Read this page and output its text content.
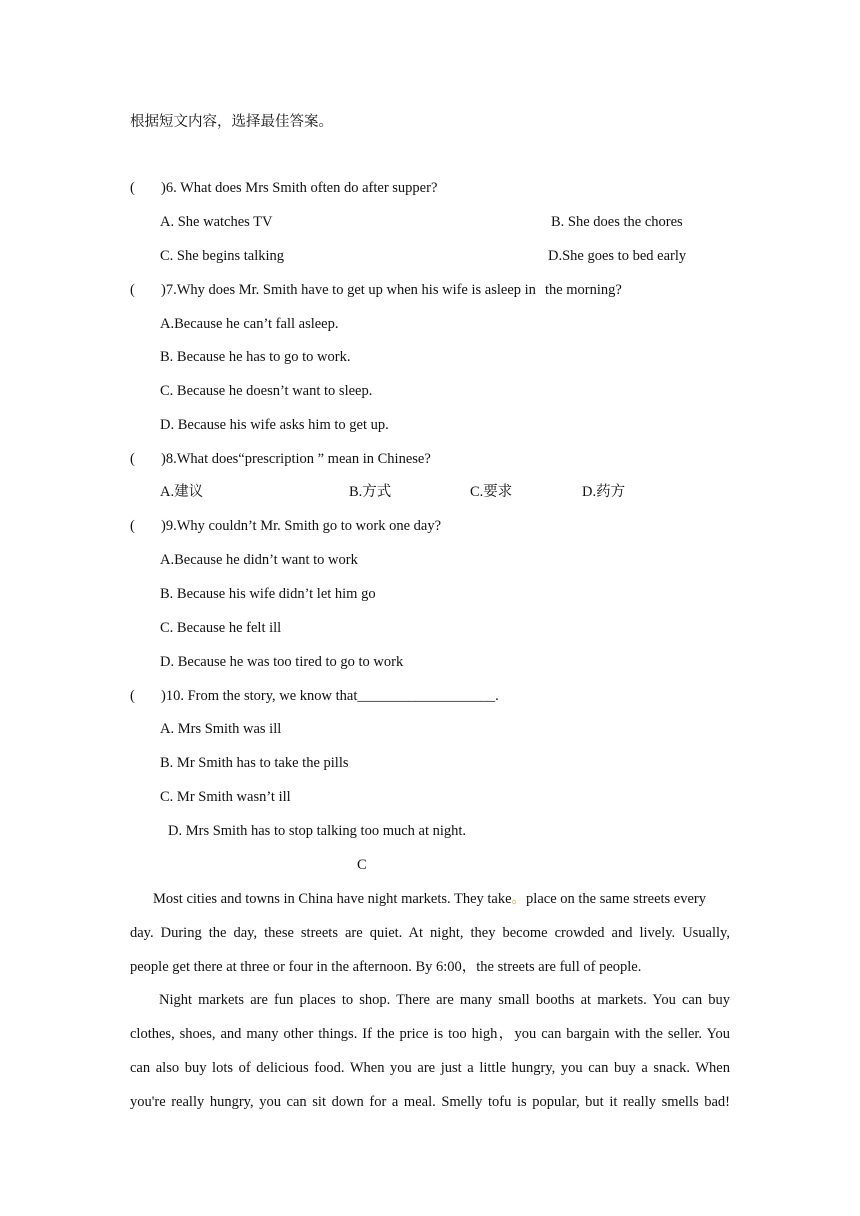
根据短文内容，选择最佳答案。
( )6. What does Mrs Smith often do after supper?
A. She watches TV	B. She does the chores
C. She begins talking	D.She goes to bed early
( )7.Why does Mr. Smith have to get up when his wife is asleep in the morning?
A.Because he can’t fall asleep.
B. Because he has to go to work.
C. Because he doesn’t want to sleep.
D. Because his wife asks him to get up.
( )8.What does“prescription ” mean in Chinese?
A.建议	B.方式	C.要求	D.药方
( )9.Why couldn’t Mr. Smith go to work one day?
A.Because he didn’t want to work
B. Because his wife didn’t let him go
C. Because he felt ill
D. Because he was too tired to go to work
( )10. From the story, we know that___________________.
A. Mrs Smith was ill
B. Mr Smith has to take the pills
C. Mr Smith wasn’t ill
D. Mrs Smith has to stop talking too much at night.
C
Most cities and towns in China have night markets. They take。place on the same streets every
day. During the day, these streets are quiet. At night, they become crowded and lively. Usually,
people get there at three or four in the afternoon. By 6:00，the streets are full of people.
Night markets are fun places to shop. There are many small booths at markets. You can buy
clothes, shoes, and many other things. If the price is too high，you can bargain with the seller. You
can also buy lots of delicious food. When you are just a little hungry, you can buy a snack. When
you're really hungry, you can sit down for a meal. Smelly tofu is popular, but it really smells bad!
